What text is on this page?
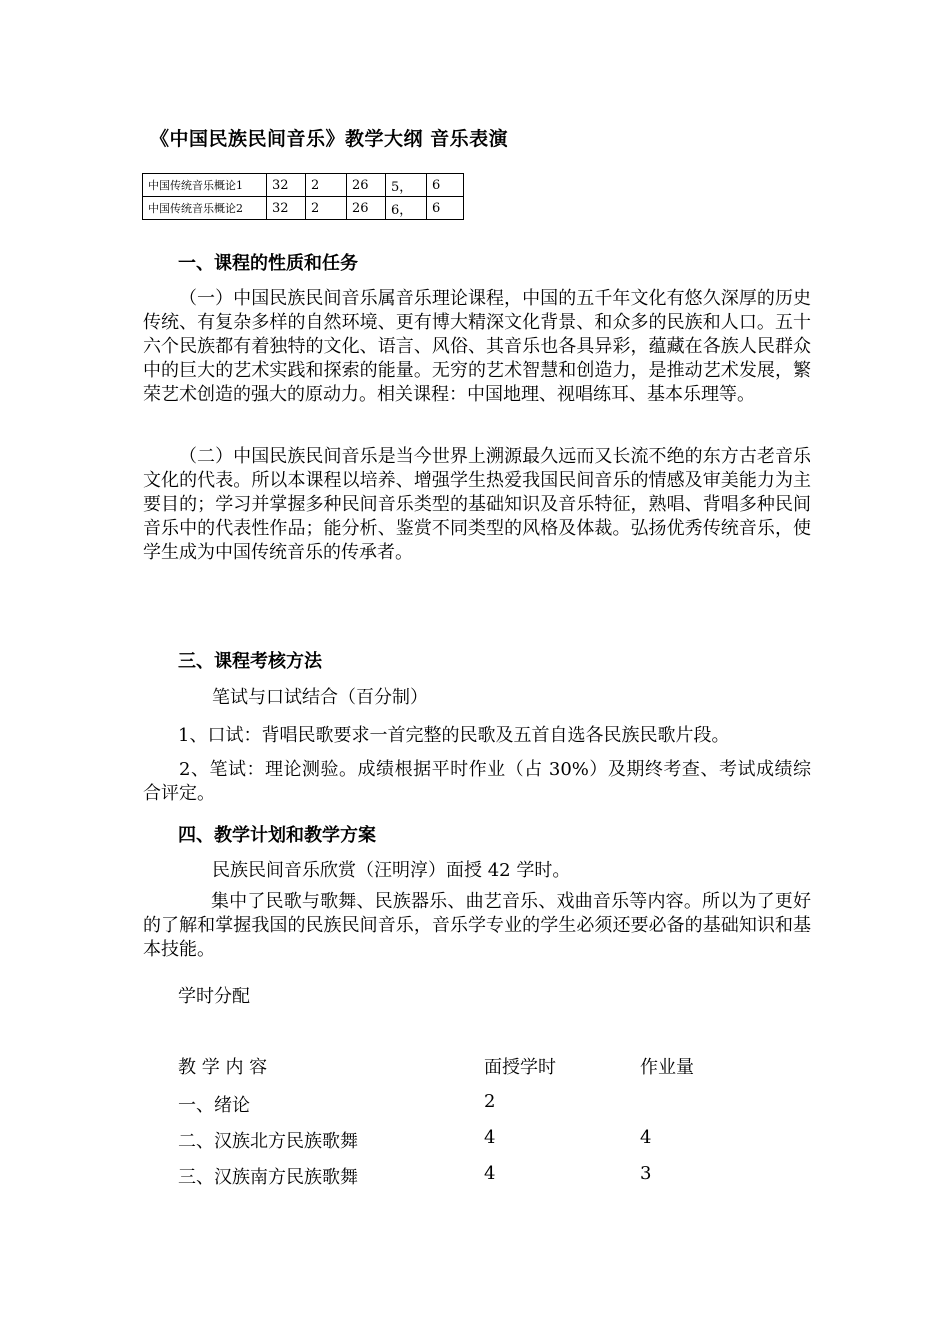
《中国民族民间音乐》教学大纲 音乐表演
中国传统音乐概论1	32	2	26	5，	6
中国传统音乐概论2	32	2	26	6，	6
一、课程的性质和任务
（一）中国民族民间音乐属音乐理论课程，中国的五千年文化有悠久深厚的历史传统、有复杂多样的自然环境、更有博大精深文化背景、和众多的民族和人口。五十六个民族都有着独特的文化、语言、风俗、其音乐也各具异彩，蕴藏在各族人民群众中的巨大的艺术实践和探索的能量。无穷的艺术智慧和创造力，是推动艺术发展，繁荣艺术创造的强大的原动力。相关课程：中国地理、视唱练耳、基本乐理等。
（二）中国民族民间音乐是当今世界上溯源最久远而又长流不绝的东方古老音乐文化的代表。所以本课程以培养、增强学生热爱我国民间音乐的情感及审美能力为主要目的；学习并掌握多种民间音乐类型的基础知识及音乐特征，熟唱、背唱多种民间音乐中的代表性作品；能分析、鉴赏不同类型的风格及体裁。弘扬优秀传统音乐，使学生成为中国传统音乐的传承者。
三、课程考核方法
笔试与口试结合（百分制）
1、口试：背唱民歌要求一首完整的民歌及五首自选各民族民歌片段。
2、笔试：理论测验。成绩根据平时作业（占 30%）及期终考查、考试成绩综合评定。
四、教学计划和教学方案
民族民间音乐欣赏（汪明淳）面授 42 学时。
集中了民歌与歌舞、民族器乐、曲艺音乐、戏曲音乐等内容。所以为了更好的了解和掌握我国的民族民间音乐，音乐学专业的学生必须还要必备的基础知识和基本技能。
学时分配
教 学 内 容	面授学时	作业量
一、绪论	2
二、汉族北方民族歌舞	4	4
三、汉族南方民族歌舞	4	3
